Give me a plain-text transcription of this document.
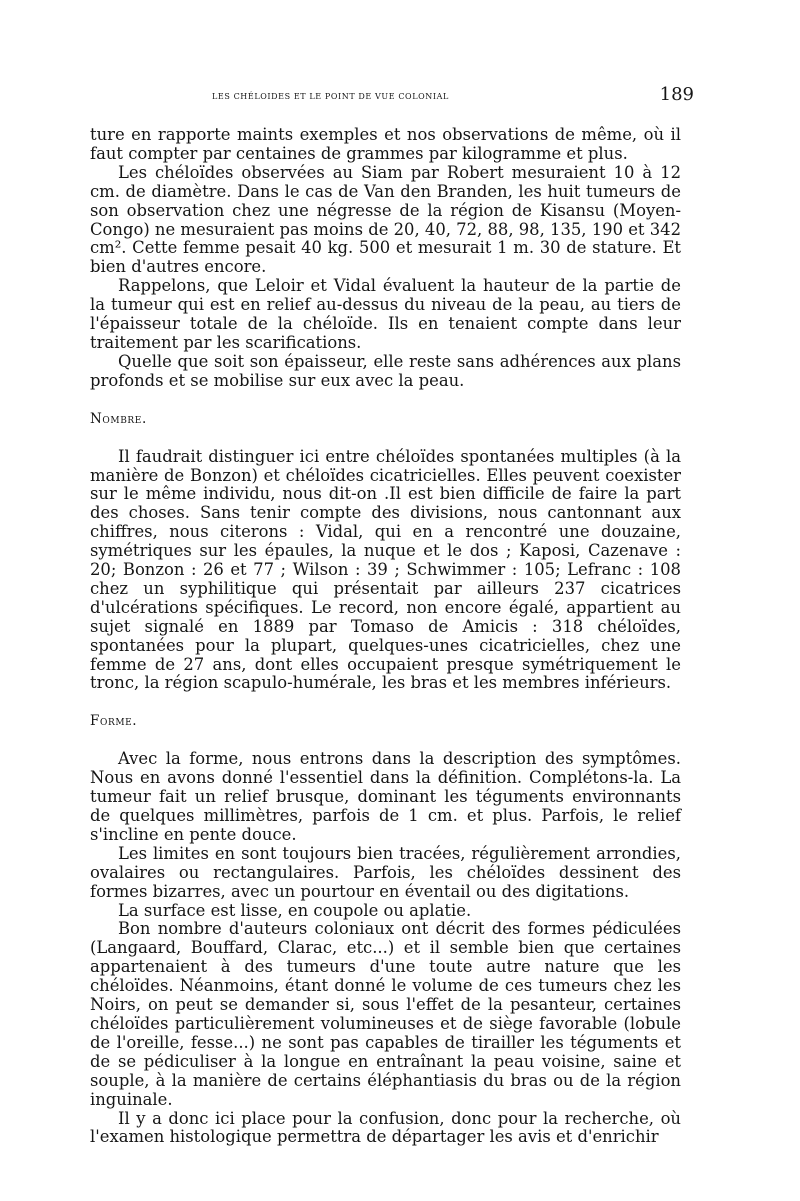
les chéloides et le point de vue colonial	189

ture en rapporte maints exemples et nos observations de même, où il faut compter par centaines de grammes par kilogramme et plus.

Les chéloïdes observées au Siam par Robert mesuraient 10 à 12 cm. de diamètre. Dans le cas de Van den Branden, les huit tumeurs de son observation chez une négresse de la région de Kisansu (Moyen-Congo) ne mesuraient pas moins de 20, 40, 72, 88, 98, 135, 190 et 342 cm². Cette femme pesait 40 kg. 500 et mesurait 1 m. 30 de stature. Et bien d'autres encore.

Rappelons, que Leloir et Vidal évaluent la hauteur de la partie de la tumeur qui est en relief au-dessus du niveau de la peau, au tiers de l'épaisseur totale de la chéloïde. Ils en tenaient compte dans leur traitement par les scarifications.

Quelle que soit son épaisseur, elle reste sans adhérences aux plans profonds et se mobilise sur eux avec la peau.

Nombre.

Il faudrait distinguer ici entre chéloïdes spontanées multiples (à la manière de Bonzon) et chéloïdes cicatricielles. Elles peuvent coexister sur le même individu, nous dit-on .Il est bien difficile de faire la part des choses. Sans tenir compte des divisions, nous cantonnant aux chiffres, nous citerons : Vidal, qui en a rencontré une douzaine, symétriques sur les épaules, la nuque et le dos ; Kaposi, Cazenave : 20; Bonzon : 26 et 77 ; Wilson : 39 ; Schwimmer : 105; Lefranc : 108 chez un syphilitique qui présentait par ailleurs 237 cicatrices d'ulcérations spécifiques. Le record, non encore égalé, appartient au sujet signalé en 1889 par Tomaso de Amicis : 318 chéloïdes, spontanées pour la plupart, quelques-unes cicatricielles, chez une femme de 27 ans, dont elles occupaient presque symétriquement le tronc, la région scapulo-humérale, les bras et les membres inférieurs.

Forme.

Avec la forme, nous entrons dans la description des symptômes. Nous en avons donné l'essentiel dans la définition. Complétons-la. La tumeur fait un relief brusque, dominant les téguments environnants de quelques millimètres, parfois de 1 cm. et plus. Parfois, le relief s'incline en pente douce.

Les limites en sont toujours bien tracées, régulièrement arrondies, ovalaires ou rectangulaires. Parfois, les chéloïdes dessinent des formes bizarres, avec un pourtour en éventail ou des digitations.

La surface est lisse, en coupole ou aplatie.

Bon nombre d'auteurs coloniaux ont décrit des formes pédiculées (Langaard, Bouffard, Clarac, etc...) et il semble bien que certaines appartenaient à des tumeurs d'une toute autre nature que les chéloïdes. Néanmoins, étant donné le volume de ces tumeurs chez les Noirs, on peut se demander si, sous l'effet de la pesanteur, certaines chéloïdes particulièrement volumineuses et de siège favorable (lobule de l'oreille, fesse...) ne sont pas capables de tirailler les téguments et de se pédiculiser à la longue en entraînant la peau voisine, saine et souple, à la manière de certains éléphantiasis du bras ou de la région inguinale.

Il y a donc ici place pour la confusion, donc pour la recherche, où l'examen histologique permettra de départager les avis et d'enrichir
